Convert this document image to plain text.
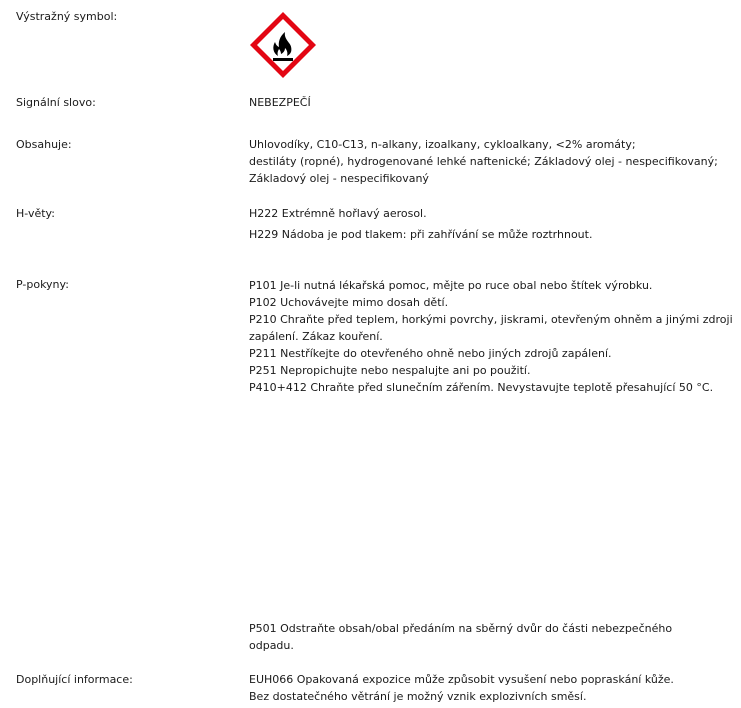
Výstražný symbol:
Signální slovo:	NEBEZPEČÍ
Obsahuje:	Uhlovodíky, C10-C13, n-alkany, izoalkany, cykloalkany, <2% aromáty;
destiláty (ropné), hydrogenované lehké naftenické; Základový olej - nespecifikovaný;
Základový olej - nespecifikovaný
H-věty:	H222 Extrémně hořlavý aerosol.
H229 Nádoba je pod tlakem: při zahřívání se může roztrhnout.
P-pokyny:	P101 Je-li nutná lékařská pomoc, mějte po ruce obal nebo štítek výrobku.
P102 Uchovávejte mimo dosah dětí.
P210 Chraňte před teplem, horkými povrchy, jiskrami, otevřeným ohněm a jinými zdroji
zapálení. Zákaz kouření.
P211 Nestříkejte do otevřeného ohně nebo jiných zdrojů zapálení.
P251 Nepropichujte nebo nespalujte ani po použití.
P410+412 Chraňte před slunečním zářením. Nevystavujte teplotě přesahující 50 °C.
P501 Odstraňte obsah/obal předáním na sběrný dvůr do části nebezpečného
odpadu.
Doplňující informace:	EUH066 Opakovaná expozice může způsobit vysušení nebo popraskání kůže.
Bez dostatečného větrání je možný vznik explozivních směsí.
